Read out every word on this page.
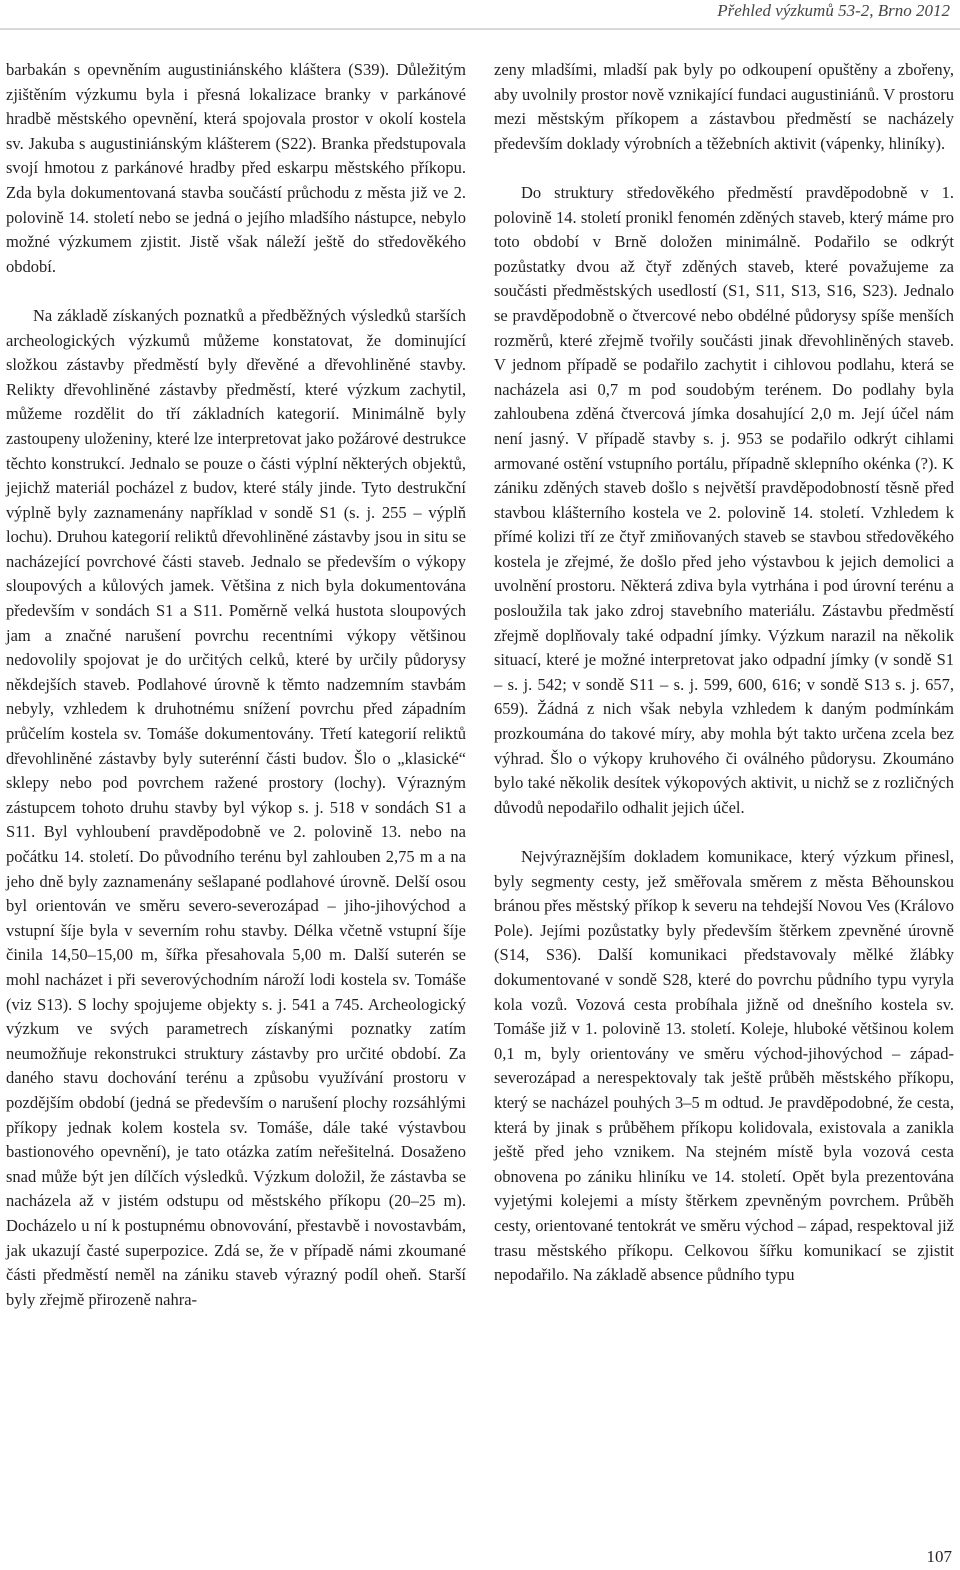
Přehled výzkumů 53-2, Brno 2012

barbakán s opevněním augustiniánského kláštera (S39). Důležitým zjištěním výzkumu byla i přesná lokalizace branky v parkánové hradbě městského opevnění, která spojovala prostor v okolí kostela sv. Jakuba s augustiniánským klášterem (S22). Branka předstupovala svojí hmotou z parkánové hradby před eskarpu městského příkopu. Zda byla dokumentovaná stavba součástí průchodu z města již ve 2. polovině 14. století nebo se jedná o jejího mladšího nástupce, nebylo možné výzkumem zjistit. Jistě však náleží ještě do středověkého období.

Na základě získaných poznatků a předběžných výsledků starších archeologických výzkumů můžeme konstatovat, že dominující složkou zástavby předměstí byly dřevěné a dřevohliněné stavby. Relikty dřevohliněné zástavby předměstí, které výzkum zachytil, můžeme rozdělit do tří základních kategorií. Minimálně byly zastoupeny uloženiny, které lze interpretovat jako požárové destrukce těchto konstrukcí. Jednalo se pouze o části výplní některých objektů, jejichž materiál pocházel z budov, které stály jinde. Tyto destrukční výplně byly zaznamenány například v sondě S1 (s. j. 255 – výplň lochu). Druhou kategorií reliktů dřevohliněné zástavby jsou in situ se nacházející povrchové části staveb. Jednalo se především o výkopy sloupových a kůlových jamek. Většina z nich byla dokumentována především v sondách S1 a S11. Poměrně velká hustota sloupových jam a značné narušení povrchu recentními výkopy většinou nedovolily spojovat je do určitých celků, které by určily půdorysy někdejších staveb. Podlahové úrovně k těmto nadzemním stavbám nebyly, vzhledem k druhotnému snížení povrchu před západním průčelím kostela sv. Tomáše dokumentovány. Třetí kategorií reliktů dřevohliněné zástavby byly suterénní části budov. Šlo o „klasické“ sklepy nebo pod povrchem ražené prostory (lochy). Výrazným zástupcem tohoto druhu stavby byl výkop s. j. 518 v sondách S1 a S11. Byl vyhloubení pravděpodobně ve 2. polovině 13. nebo na počátku 14. století. Do původního terénu byl zahlouben 2,75 m a na jeho dně byly zaznamenány sešlapané podlahové úrovně. Delší osou byl orientován ve směru severo-severozápad – jiho-jihovýchod a vstupní šíje byla v severním rohu stavby. Délka včetně vstupní šíje činila 14,50–15,00 m, šířka přesahovala 5,00 m. Další suterén se mohl nacházet i při severovýchodním nároží lodi kostela sv. Tomáše (viz S13). S lochy spojujeme objekty s. j. 541 a 745. Archeologický výzkum ve svých parametrech získanými poznatky zatím neumožňuje rekonstrukci struktury zástavby pro určité období. Za daného stavu dochování terénu a způsobu využívání prostoru v pozdějším období (jedná se především o narušení plochy rozsáhlými příkopy jednak kolem kostela sv. Tomáše, dále také výstavbou bastionového opevnění), je tato otázka zatím neřešitelná. Dosaženo snad může být jen dílčích výsledků. Výzkum doložil, že zástavba se nacházela až v jistém odstupu od městského příkopu (20–25 m). Docházelo u ní k postupnému obnovování, přestavbě i novostavbám, jak ukazují časté superpozice. Zdá se, že v případě námi zkoumané části předměstí neměl na zániku staveb výrazný podíl oheň. Starší byly zřejmě přirozeně nahra-

zeny mladšími, mladší pak byly po odkoupení opuštěny a zbořeny, aby uvolnily prostor nově vznikající fundaci augustiniánů. V prostoru mezi městským příkopem a zástavbou předměstí se nacházely především doklady výrobních a těžebních aktivit (vápenky, hliníky).

Do struktury středověkého předměstí pravděpodobně v 1. polovině 14. století pronikl fenomén zděných staveb, který máme pro toto období v Brně doložen minimálně. Podařilo se odkrýt pozůstatky dvou až čtyř zděných staveb, které považujeme za součásti předměstských usedlostí (S1, S11, S13, S16, S23). Jednalo se pravděpodobně o čtvercové nebo obdélné půdorysy spíše menších rozměrů, které zřejmě tvořily součásti jinak dřevohliněných staveb. V jednom případě se podařilo zachytit i cihlovou podlahu, která se nacházela asi 0,7 m pod soudobým terénem. Do podlahy byla zahloubena zděná čtvercová jímka dosahující 2,0 m. Její účel nám není jasný. V případě stavby s. j. 953 se podařilo odkrýt cihlami armované ostění vstupního portálu, případně sklepního okénka (?). K zániku zděných staveb došlo s největší pravděpodobností těsně před stavbou klášterního kostela ve 2. polovině 14. století. Vzhledem k přímé kolizi tří ze čtyř zmiňovaných staveb se stavbou středověkého kostela je zřejmé, že došlo před jeho výstavbou k jejich demolici a uvolnění prostoru. Některá zdiva byla vytrhána i pod úrovní terénu a posloužila tak jako zdroj stavebního materiálu. Zástavbu předměstí zřejmě doplňovaly také odpadní jímky. Výzkum narazil na několik situací, které je možné interpretovat jako odpadní jímky (v sondě S1 – s. j. 542; v sondě S11 – s. j. 599, 600, 616; v sondě S13 s. j. 657, 659). Žádná z nich však nebyla vzhledem k daným podmínkám prozkoumána do takové míry, aby mohla být takto určena zcela bez výhrad. Šlo o výkopy kruhového či oválného půdorysu. Zkoumáno bylo také několik desítek výkopových aktivit, u nichž se z rozličných důvodů nepodařilo odhalit jejich účel.

Nejvýraznějším dokladem komunikace, který výzkum přinesl, byly segmenty cesty, jež směřovala směrem z města Běhounskou bránou přes městský příkop k severu na tehdejší Novou Ves (Královo Pole). Jejími pozůstatky byly především štěrkem zpevněné úrovně (S14, S36). Další komunikaci představovaly mělké žlábky dokumentované v sondě S28, které do povrchu půdního typu vyryla kola vozů. Vozová cesta probíhala jižně od dnešního kostela sv. Tomáše již v 1. polovině 13. století. Koleje, hluboké většinou kolem 0,1 m, byly orientovány ve směru východ-jihovýchod – západ-severozápad a nerespektovaly tak ještě průběh městského příkopu, který se nacházel pouhých 3–5 m odtud. Je pravděpodobné, že cesta, která by jinak s průběhem příkopu kolidovala, existovala a zanikla ještě před jeho vznikem. Na stejném místě byla vozová cesta obnovena po zániku hliníku ve 14. století. Opět byla prezentována vyjetými kolejemi a místy štěrkem zpevněným povrchem. Průběh cesty, orientované tentokrát ve směru východ – západ, respektoval již trasu městského příkopu. Celkovou šířku komunikací se zjistit nepodařilo. Na základě absence půdního typu

107
